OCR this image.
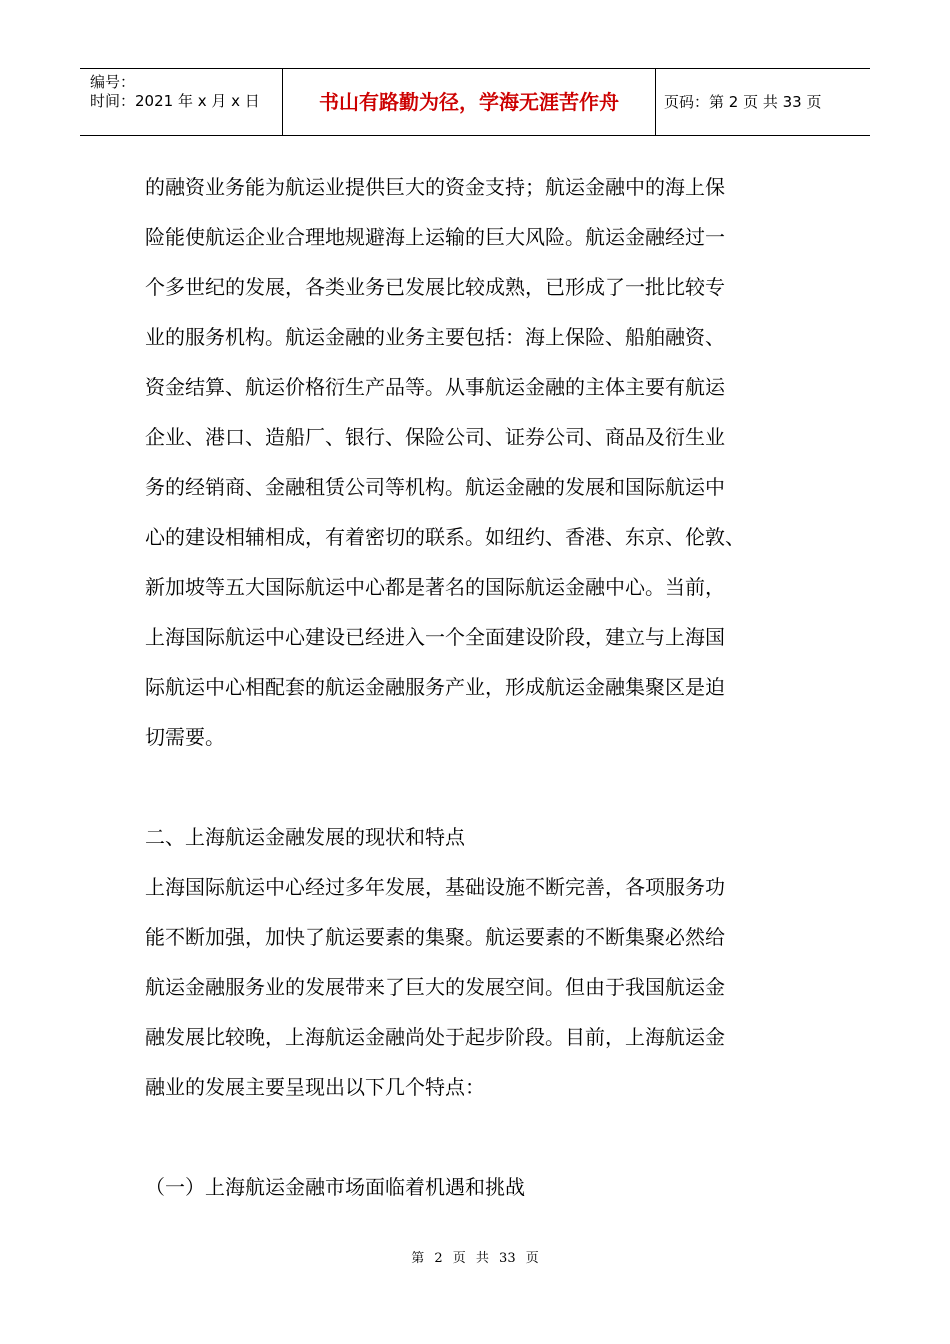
编号：
时间：2021 年 x 月 x 日	书山有路勤为径，学海无涯苦作舟	页码：第 2 页 共 33 页
的融资业务能为航运业提供巨大的资金支持；航运金融中的海上保
险能使航运企业合理地规避海上运输的巨大风险。航运金融经过一
个多世纪的发展，各类业务已发展比较成熟，已形成了一批比较专
业的服务机构。航运金融的业务主要包括：海上保险、船舶融资、
资金结算、航运价格衍生产品等。从事航运金融的主体主要有航运
企业、港口、造船厂、银行、保险公司、证券公司、商品及衍生业
务的经销商、金融租赁公司等机构。航运金融的发展和国际航运中
心的建设相辅相成，有着密切的联系。如纽约、香港、东京、伦敦、
新加坡等五大国际航运中心都是著名的国际航运金融中心。当前，
上海国际航运中心建设已经进入一个全面建设阶段，建立与上海国
际航运中心相配套的航运金融服务产业，形成航运金融集聚区是迫
切需要。
二、上海航运金融发展的现状和特点
上海国际航运中心经过多年发展，基础设施不断完善，各项服务功
能不断加强，加快了航运要素的集聚。航运要素的不断集聚必然给
航运金融服务业的发展带来了巨大的发展空间。但由于我国航运金
融发展比较晚，上海航运金融尚处于起步阶段。目前，上海航运金
融业的发展主要呈现出以下几个特点：
（一）上海航运金融市场面临着机遇和挑战
第 2 页 共 33 页
